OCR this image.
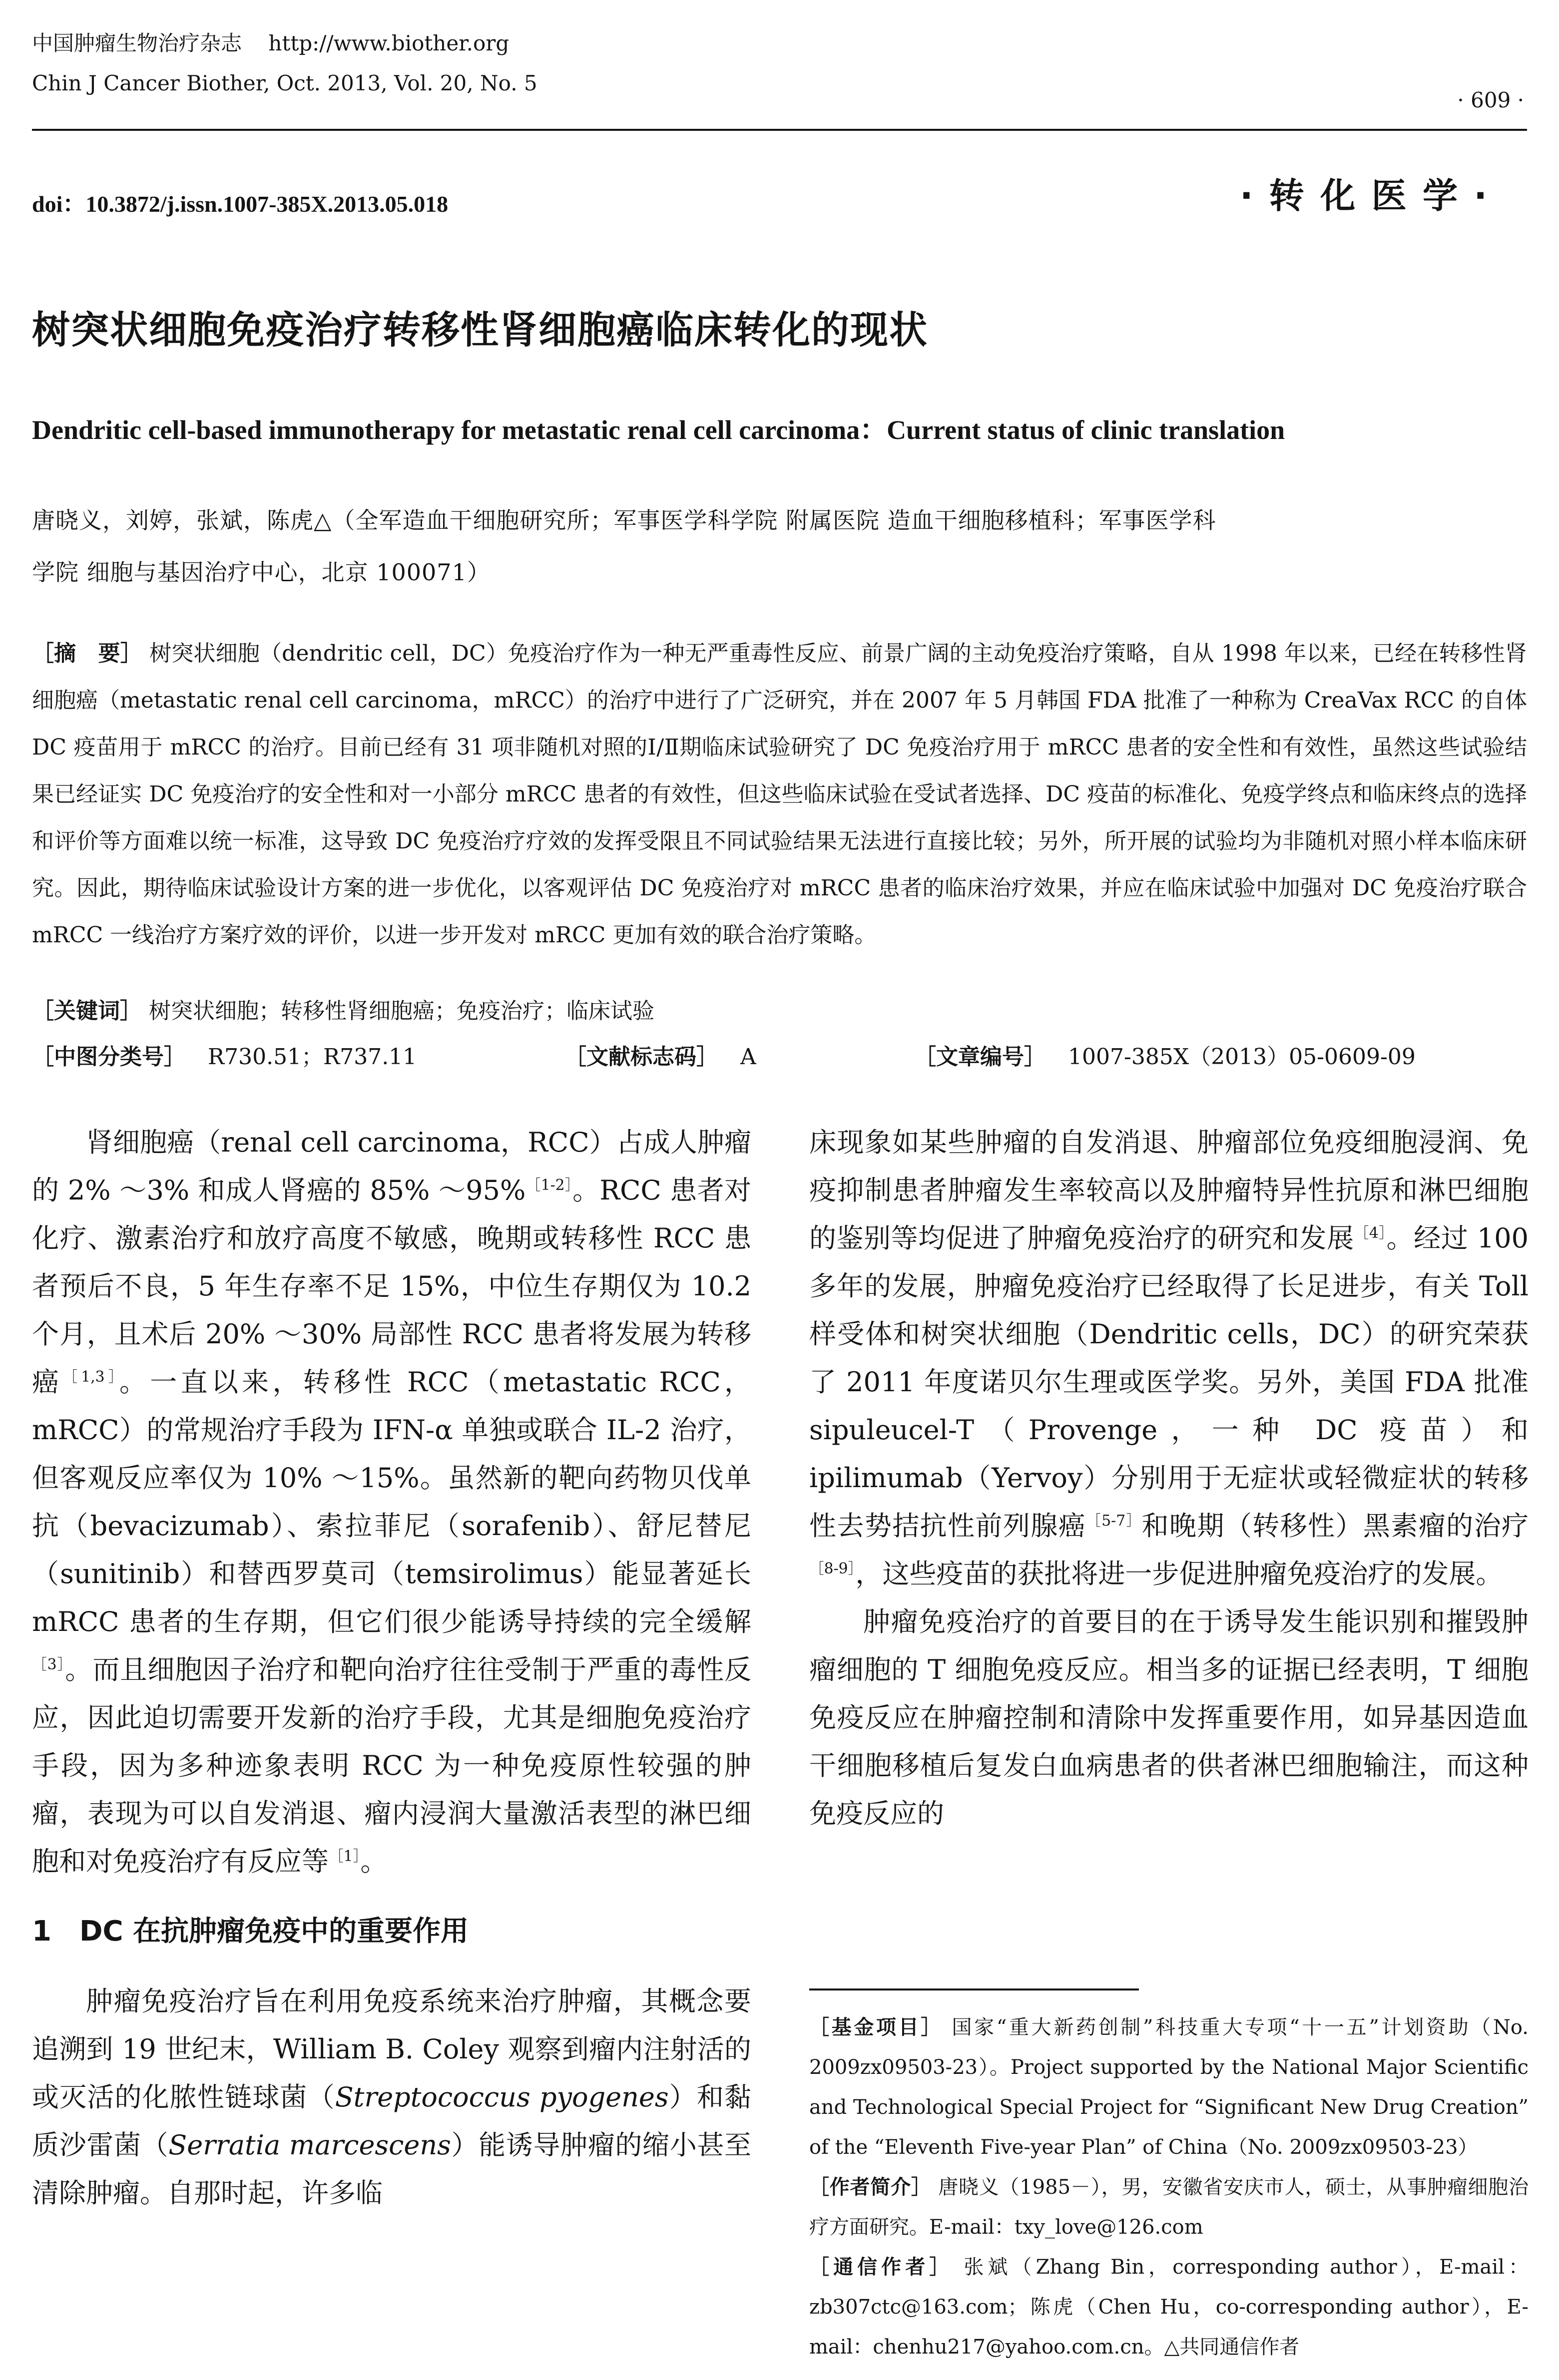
中国肿瘤生物治疗杂志 http://www.biother.org
Chin J Cancer Biother, Oct. 2013, Vol. 20, No. 5
· 609 ·
doi：10.3872/j.issn.1007-385X.2013.05.018	· 转 化 医 学 ·
树突状细胞免疫治疗转移性肾细胞癌临床转化的现状
Dendritic cell-based immunotherapy for metastatic renal cell carcinoma：Current status of clinic translation
唐晓义，刘婷，张斌，陈虎△（全军造血干细胞研究所；军事医学科学院 附属医院 造血干细胞移植科；军事医学科
学院 细胞与基因治疗中心，北京 100071）
［摘　要］ 树突状细胞（dendritic cell，DC）免疫治疗作为一种无严重毒性反应、前景广阔的主动免疫治疗策略，自从 1998 年以来，已经在转移性肾细胞癌（metastatic renal cell carcinoma，mRCC）的治疗中进行了广泛研究，并在 2007 年 5 月韩国 FDA 批准了一种称为 CreaVax RCC 的自体 DC 疫苗用于 mRCC 的治疗。目前已经有 31 项非随机对照的Ⅰ/Ⅱ期临床试验研究了 DC 免疫治疗用于 mRCC 患者的安全性和有效性，虽然这些试验结果已经证实 DC 免疫治疗的安全性和对一小部分 mRCC 患者的有效性，但这些临床试验在受试者选择、DC 疫苗的标准化、免疫学终点和临床终点的选择和评价等方面难以统一标准，这导致 DC 免疫治疗疗效的发挥受限且不同试验结果无法进行直接比较；另外，所开展的试验均为非随机对照小样本临床研究。因此，期待临床试验设计方案的进一步优化，以客观评估 DC 免疫治疗对 mRCC 患者的临床治疗效果，并应在临床试验中加强对 DC 免疫治疗联合 mRCC 一线治疗方案疗效的评价，以进一步开发对 mRCC 更加有效的联合治疗策略。
［关键词］ 树突状细胞；转移性肾细胞癌；免疫治疗；临床试验
［中图分类号］ R730.51；R737.11	［文献标志码］ A	［文章编号］ 1007-385X（2013）05-0609-09

肾细胞癌（renal cell carcinoma，RCC）占成人肿瘤的 2% ～3% 和成人肾癌的 85% ～95%$^{[1-2]}$。RCC 患者对化疗、激素治疗和放疗高度不敏感，晚期或转移性 RCC 患者预后不良，5 年生存率不足 15%，中位生存期仅为 10.2 个月，且术后 20% ～30% 局部性 RCC 患者将发展为转移癌$^{[1,3]}$。一直以来，转移性 RCC（metastatic RCC，mRCC）的常规治疗手段为 IFN-α 单独或联合 IL-2 治疗，但客观反应率仅为 10% ～15%。虽然新的靶向药物贝伐单抗（bevacizumab）、索拉菲尼（sorafenib）、舒尼替尼（sunitinib）和替西罗莫司（temsirolimus）能显著延长 mRCC 患者的生存期，但它们很少能诱导持续的完全缓解$^{[3]}$。而且细胞因子治疗和靶向治疗往往受制于严重的毒性反应，因此迫切需要开发新的治疗手段，尤其是细胞免疫治疗手段，因为多种迹象表明 RCC 为一种免疫原性较强的肿瘤，表现为可以自发消退、瘤内浸润大量激活表型的淋巴细胞和对免疫治疗有反应等$^{[1]}$。

1　DC 在抗肿瘤免疫中的重要作用

肿瘤免疫治疗旨在利用免疫系统来治疗肿瘤，其概念要追溯到 19 世纪末，William B. Coley 观察到瘤内注射活的或灭活的化脓性链球菌（Streptococcus pyogenes）和黏质沙雷菌（Serratia marcescens）能诱导肿瘤的缩小甚至清除肿瘤。自那时起，许多临

床现象如某些肿瘤的自发消退、肿瘤部位免疫细胞浸润、免疫抑制患者肿瘤发生率较高以及肿瘤特异性抗原和淋巴细胞的鉴别等均促进了肿瘤免疫治疗的研究和发展$^{[4]}$。经过 100 多年的发展，肿瘤免疫治疗已经取得了长足进步，有关 Toll 样受体和树突状细胞（Dendritic cells，DC）的研究荣获了 2011 年度诺贝尔生理或医学奖。另外，美国 FDA 批准 sipuleucel-T（Provenge，一种 DC 疫苗）和 ipilimumab（Yervoy）分别用于无症状或轻微症状的转移性去势拮抗性前列腺癌$^{[5-7]}$和晚期（转移性）黑素瘤的治疗$^{[8-9]}$，这些疫苗的获批将进一步促进肿瘤免疫治疗的发展。

肿瘤免疫治疗的首要目的在于诱导发生能识别和摧毁肿瘤细胞的 T 细胞免疫反应。相当多的证据已经表明，T 细胞免疫反应在肿瘤控制和清除中发挥重要作用，如异基因造血干细胞移植后复发白血病患者的供者淋巴细胞输注，而这种免疫反应的

［基金项目］ 国家“重大新药创制”科技重大专项“十一五”计划资助（No. 2009zx09503-23）。Project supported by the National Major Scientific and Technological Special Project for “Significant New Drug Creation” of the “Eleventh Five-year Plan” of China（No. 2009zx09503-23）

［作者简介］ 唐晓义（1985－），男，安徽省安庆市人，硕士，从事肿瘤细胞治疗方面研究。E-mail：txy_love@126.com

［通信作者］ 张斌（Zhang Bin，corresponding author），E-mail：zb307ctc@163.com；陈虎（Chen Hu，co-corresponding author），E-mail：chenhu217@yahoo.com.cn。△共同通信作者
